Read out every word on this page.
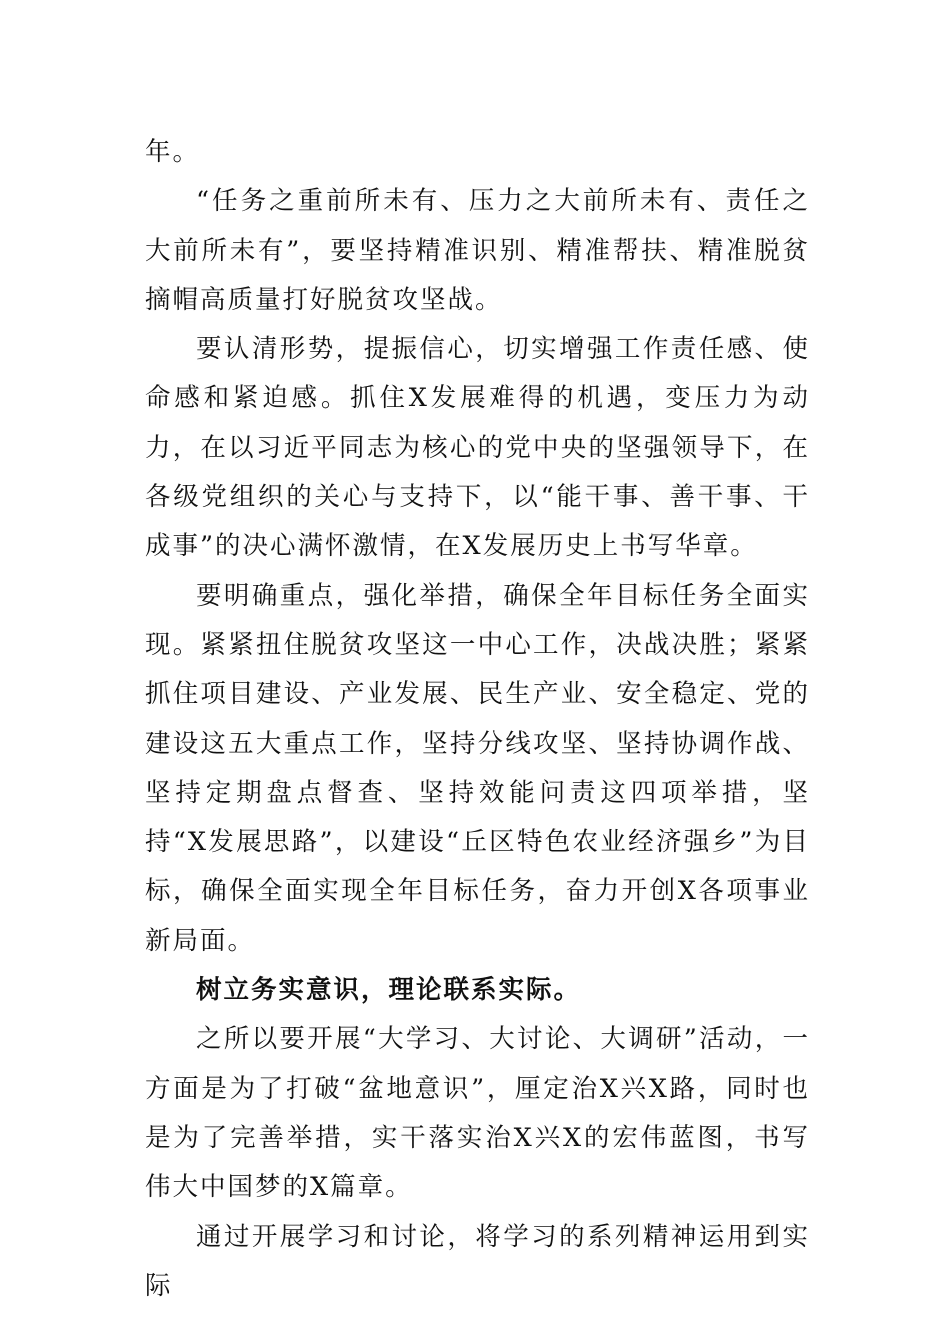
年。

“任务之重前所未有、压力之大前所未有、责任之大前所未有”，要坚持精准识别、精准帮扶、精准脱贫摘帽高质量打好脱贫攻坚战。

要认清形势，提振信心，切实增强工作责任感、使命感和紧迫感。抓住X发展难得的机遇，变压力为动力，在以习近平同志为核心的党中央的坚强领导下，在各级党组织的关心与支持下，以“能干事、善干事、干成事”的决心满怀激情，在X发展历史上书写华章。

要明确重点，强化举措，确保全年目标任务全面实现。紧紧扭住脱贫攻坚这一中心工作，决战决胜；紧紧抓住项目建设、产业发展、民生产业、安全稳定、党的建设这五大重点工作，坚持分线攻坚、坚持协调作战、坚持定期盘点督查、坚持效能问责这四项举措，坚持“X发展思路”，以建设“丘区特色农业经济强乡”为目标，确保全面实现全年目标任务，奋力开创X各项事业新局面。

树立务实意识，理论联系实际。

之所以要开展“大学习、大讨论、大调研”活动，一方面是为了打破“盆地意识”，厘定治X兴X路，同时也是为了完善举措，实干落实治X兴X的宏伟蓝图，书写伟大中国梦的X篇章。

通过开展学习和讨论，将学习的系列精神运用到实际
